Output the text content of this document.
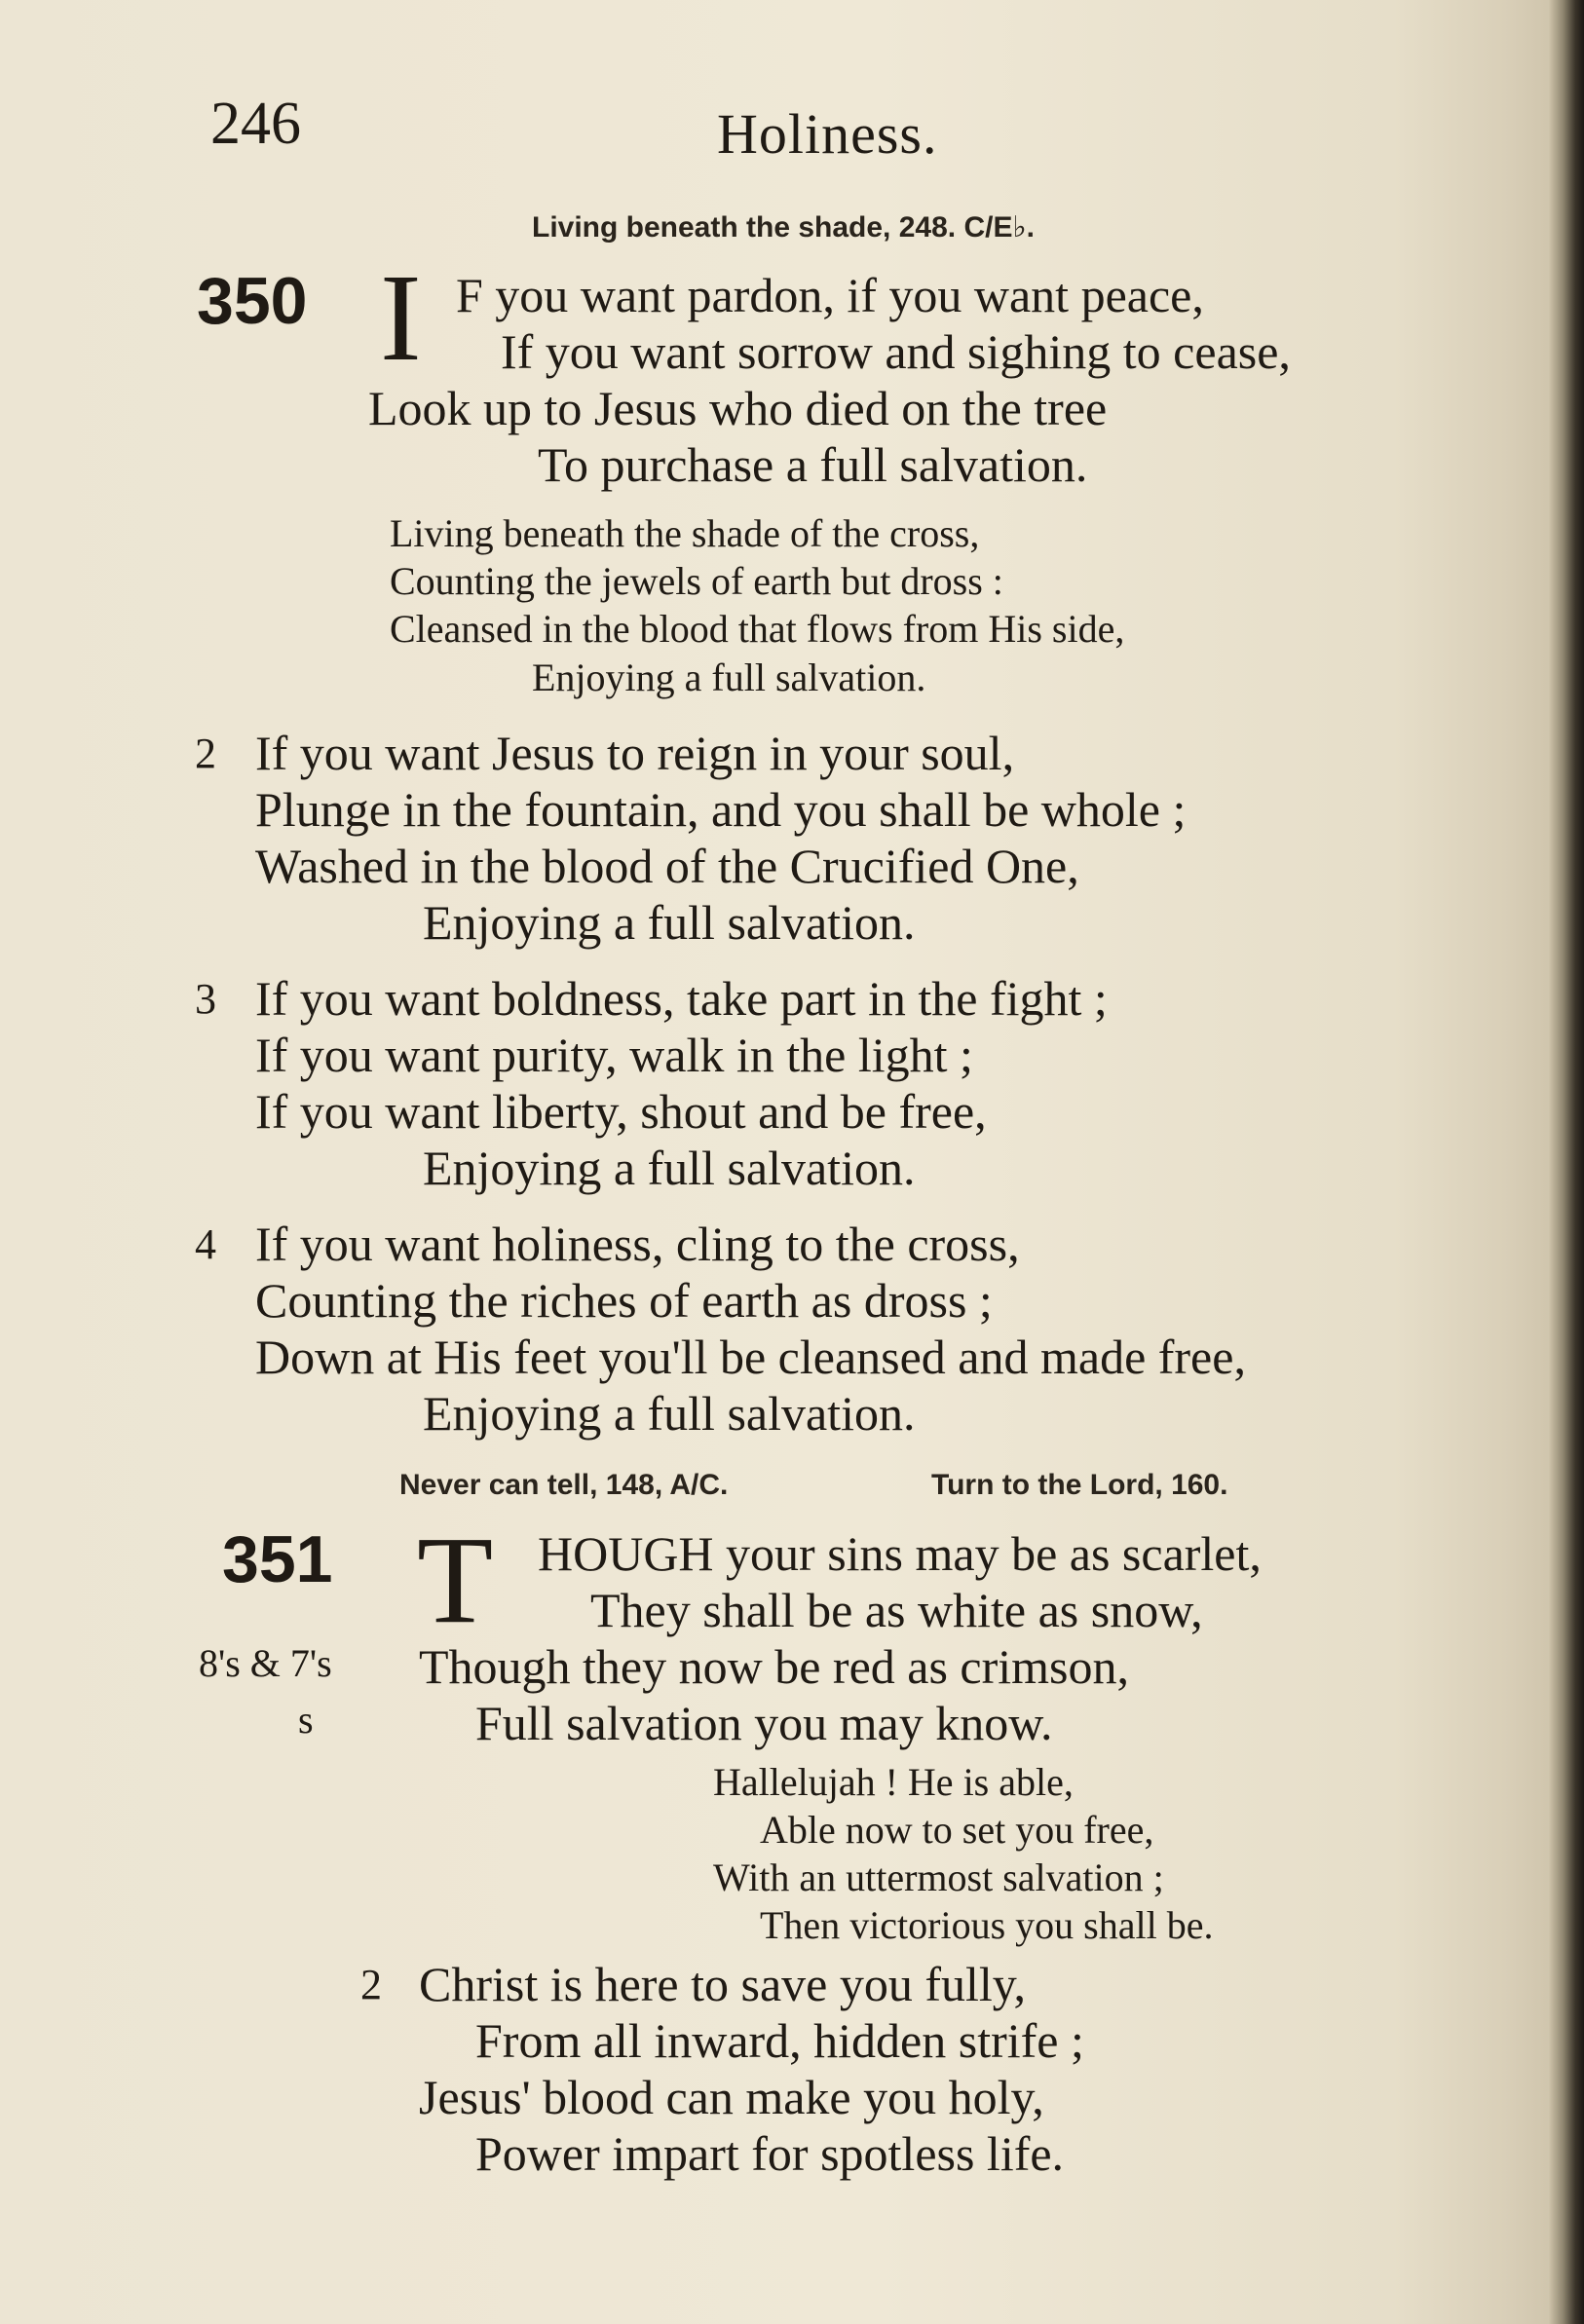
246	Holiness.
Living beneath the shade, 248. C/E♭.
350 I F you want pardon, if you want peace,
If you want sorrow and sighing to cease,
Look up to Jesus who died on the tree
To purchase a full salvation.
Living beneath the shade of the cross,
Counting the jewels of earth but dross :
Cleansed in the blood that flows from His side,
Enjoying a full salvation.
2 If you want Jesus to reign in your soul,
Plunge in the fountain, and you shall be whole ;
Washed in the blood of the Crucified One,
Enjoying a full salvation.
3 If you want boldness, take part in the fight ;
If you want purity, walk in the light ;
If you want liberty, shout and be free,
Enjoying a full salvation.
4 If you want holiness, cling to the cross,
Counting the riches of earth as dross ;
Down at His feet you'll be cleansed and made free,
Enjoying a full salvation.
Never can tell, 148, A/C.	Turn to the Lord, 160.
351 T HOUGH your sins may be as scarlet,
They shall be as white as snow,
8's & 7's Though they now be red as crimson,
s	Full salvation you may know.
Hallelujah ! He is able,
Able now to set you free,
With an uttermost salvation ;
Then victorious you shall be.
2 Christ is here to save you fully,
From all inward, hidden strife ;
Jesus' blood can make you holy,
Power impart for spotless life.
